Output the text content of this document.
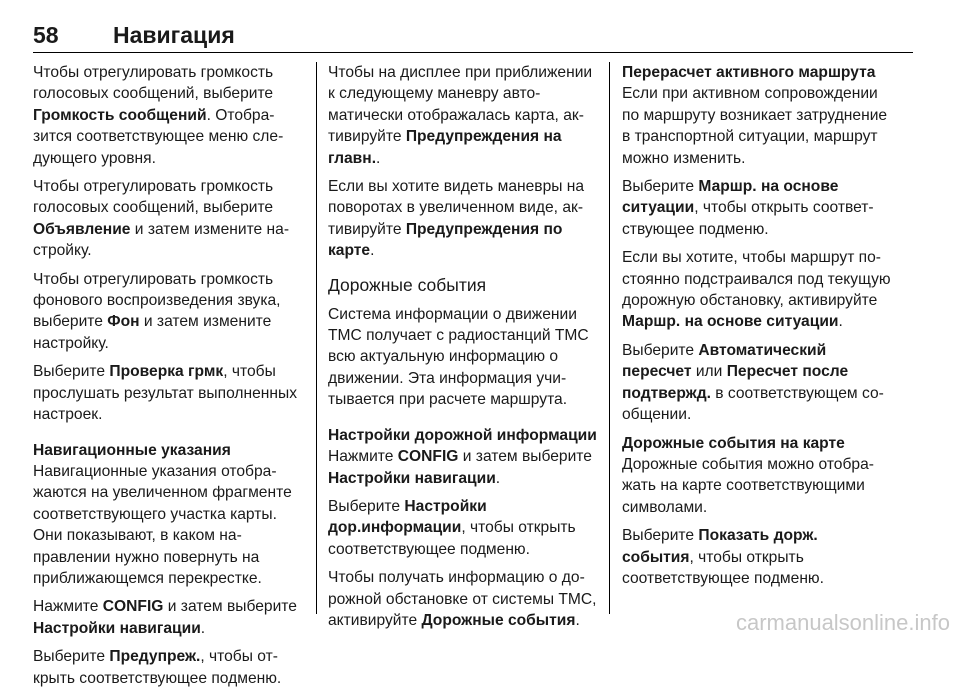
58 Навигация

Чтобы отрегулировать громкость голосовых сообщений, выберите Громкость сообщений. Отобразится соответствующее меню следующего уровня.

Чтобы отрегулировать громкость голосовых сообщений, выберите Объявление и затем измените настройку.

Чтобы отрегулировать громкость фонового воспроизведения звука, выберите Фон и затем измените настройку.

Выберите Проверка грмк, чтобы прослушать результат выполненных настроек.

Навигационные указания
Навигационные указания отображаются на увеличенном фрагменте соответствующего участка карты. Они показывают, в каком направлении нужно повернуть на приближающемся перекрестке.

Нажмите CONFIG и затем выберите Настройки навигации.

Выберите Предупреж., чтобы открыть соответствующее подменю.

Чтобы на дисплее при приближении к следующему маневру автоматически отображалась карта, активируйте Предупреждения на главн..

Если вы хотите видеть маневры на поворотах в увеличенном виде, активируйте Предупреждения по карте.

Дорожные события

Система информации о движении TMC получает с радиостанций TMC всю актуальную информацию о движении. Эта информация учитывается при расчете маршрута.

Настройки дорожной информации
Нажмите CONFIG и затем выберите Настройки навигации.

Выберите Настройки дор.информации, чтобы открыть соответствующее подменю.

Чтобы получать информацию о дорожной обстановке от системы TMC, активируйте Дорожные события.

Перерасчет активного маршрута
Если при активном сопровождении по маршруту возникает затруднение в транспортной ситуации, маршрут можно изменить.

Выберите Маршр. на основе ситуации, чтобы открыть соответствующее подменю.

Если вы хотите, чтобы маршрут постоянно подстраивался под текущую дорожную обстановку, активируйте Маршр. на основе ситуации.

Выберите Автоматический пересчет или Пересчет после подтвержд. в соответствующем сообщении.

Дорожные события на карте
Дорожные события можно отображать на карте соответствующими символами.

Выберите Показать дорж. события, чтобы открыть соответствующее подменю.

carmanualsonline.info
